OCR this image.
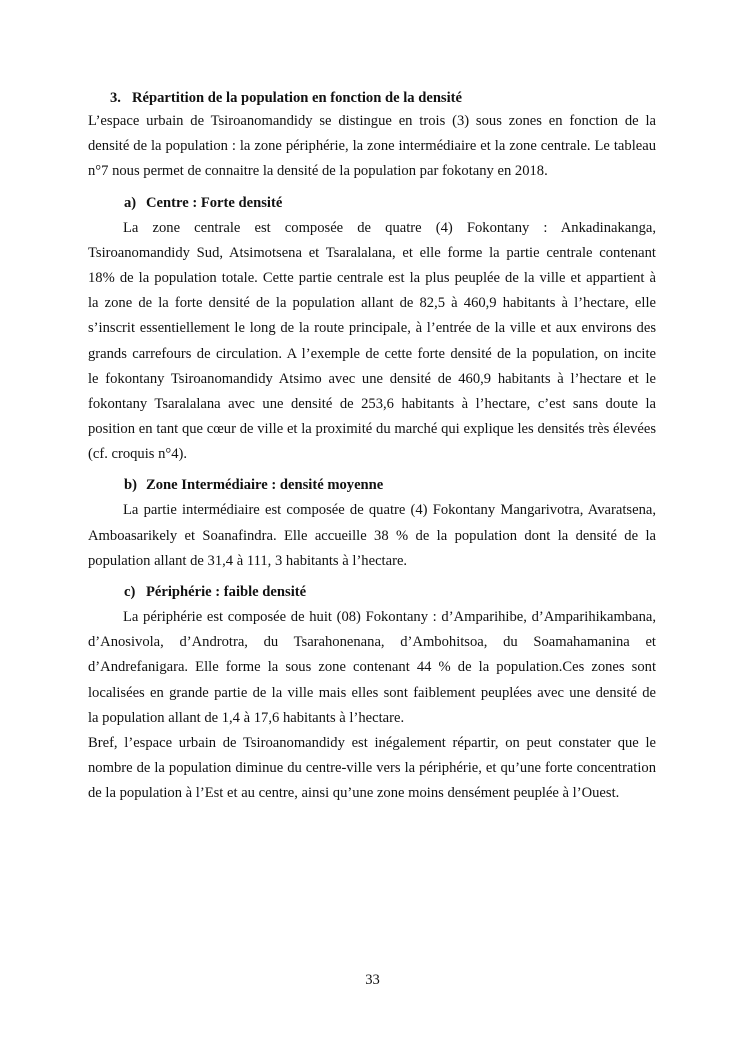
3. Répartition de la population en fonction de la densité
L’espace urbain de Tsiroanomandidy se distingue en trois (3) sous zones en fonction de la
densité de la population : la zone périphérie, la zone intermédiaire et la zone centrale. Le tableau
n°7 nous permet de connaitre la densité de la population par fokotany en 2018.
a) Centre : Forte densité
La zone centrale est composée de quatre (4) Fokontany : Ankadinakanga,
Tsiroanomandidy Sud, Atsimotsena et Tsaralalana, et elle forme la partie centrale contenant
18% de la population totale. Cette partie centrale est la plus peuplée de la ville et appartient à
la zone de la forte densité de la population allant de 82,5 à 460,9 habitants à l’hectare, elle
s’inscrit essentiellement le long de la route principale, à l’entrée de la ville et aux environs des
grands carrefours de circulation. A l’exemple de cette forte densité de la population, on incite
le fokontany Tsiroanomandidy Atsimo avec une densité de 460,9 habitants à l’hectare et le
fokontany Tsaralalana avec une densité de 253,6 habitants à l’hectare, c’est sans doute la
position en tant que cœur de ville et la proximité du marché qui explique les densités très élevées
(cf. croquis n°4).
b) Zone Intermédiaire : densité moyenne
La partie intermédiaire est composée de quatre (4) Fokontany Mangarivotra, Avaratsena,
Amboasarikely et Soanafindra. Elle accueille 38 % de la population dont la densité de la
population allant de 31,4 à 111, 3 habitants à l’hectare.
c) Périphérie : faible densité
La périphérie est composée de huit (08) Fokontany : d’Amparihibe, d’Amparihikambana,
d’Anosivola, d’Androtra, du Tsarahonenana, d’Ambohitsoa, du Soamahamanina et
d’Andrefanigara. Elle forme la sous zone contenant 44 % de la population.Ces zones sont
localisées en grande partie de la ville mais elles sont faiblement peuplées avec une densité de
la population allant de 1,4 à 17,6 habitants à l’hectare.
Bref, l’espace urbain de Tsiroanomandidy est inégalement répartir, on peut constater que le
nombre de la population diminue du centre-ville vers la périphérie, et qu’une forte concentration
de la population à l’Est et au centre, ainsi qu’une zone moins densément peuplée à l’Ouest.
33
